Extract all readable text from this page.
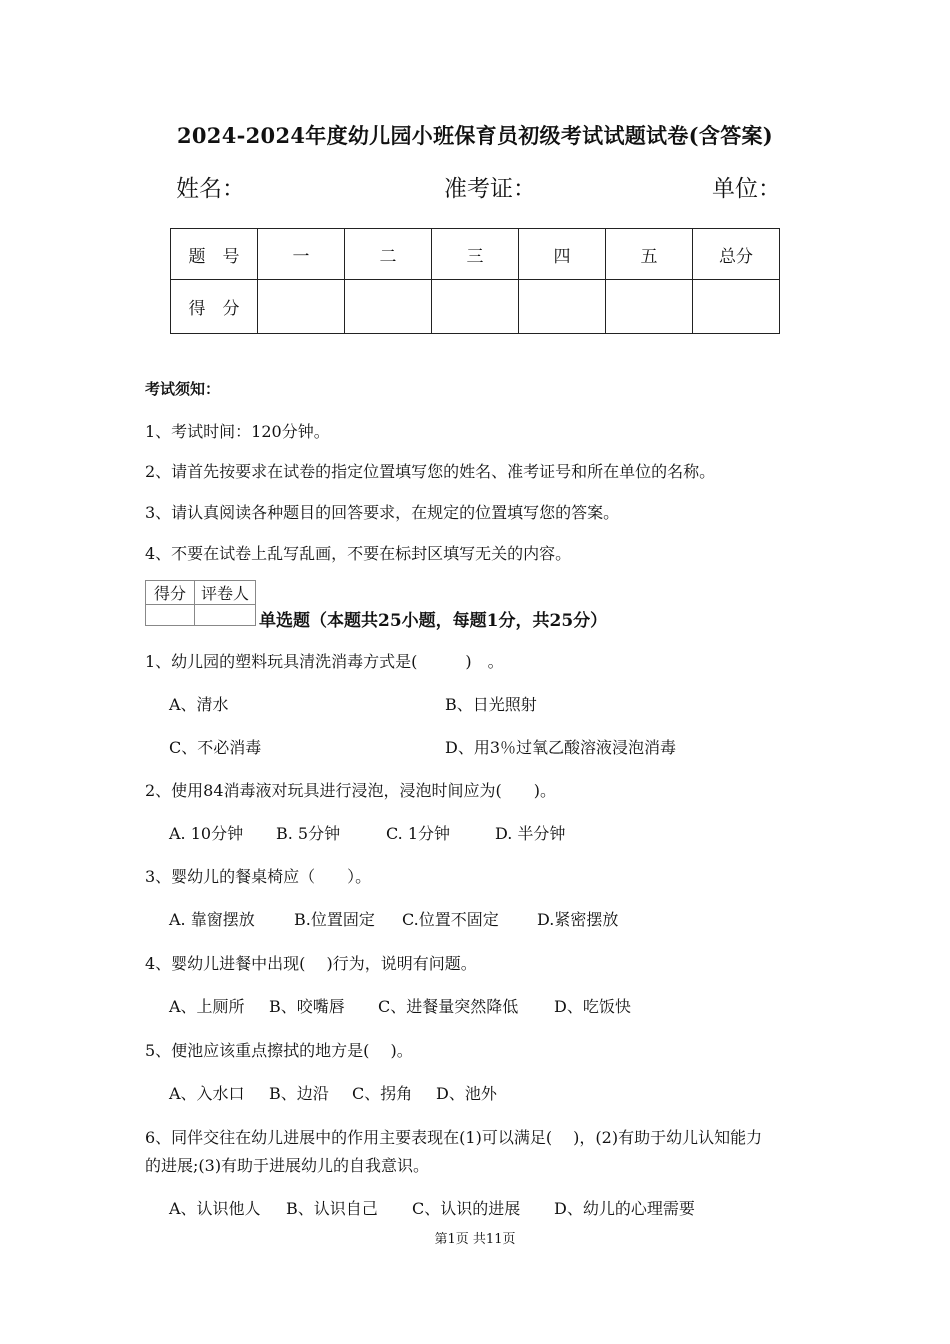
2024-2024年度幼儿园小班保育员初级考试试题试卷(含答案)
姓名：	准考证：	单位：
题　号	一	二	三	四	五	总分
得　分						
考试须知：
1、考试时间：120分钟。
2、请首先按要求在试卷的指定位置填写您的姓名、准考证号和所在单位的名称。
3、请认真阅读各种题目的回答要求，在规定的位置填写您的答案。
4、不要在试卷上乱写乱画，不要在标封区填写无关的内容。
得分	评卷人

单选题（本题共25小题，每题1分，共25分）
1、幼儿园的塑料玩具清洗消毒方式是(　　　)　。
A、清水	B、日光照射
C、不必消毒	D、用3％过氧乙酸溶液浸泡消毒
2、使用84消毒液对玩具进行浸泡，浸泡时间应为(　　)。
A. 10分钟 B. 5分钟	C. 1分钟	D. 半分钟
3、婴幼儿的餐桌椅应（　　）。
A. 靠窗摆放 B.位置固定 C.位置不固定 D.紧密摆放
4、婴幼儿进餐中出现(　 )行为，说明有问题。
A、上厕所 B、咬嘴唇 C、进餐量突然降低 D、吃饭快
5、便池应该重点擦拭的地方是(　 )。
A、入水口 B、边沿 C、拐角 D、池外
6、同伴交往在幼儿进展中的作用主要表现在(1)可以满足(　 )，(2)有助于幼儿认知能力
的进展;(3)有助于进展幼儿的自我意识。
A、认识他人 B、认识自己 C、认识的进展 D、幼儿的心理需要
第1页 共11页
